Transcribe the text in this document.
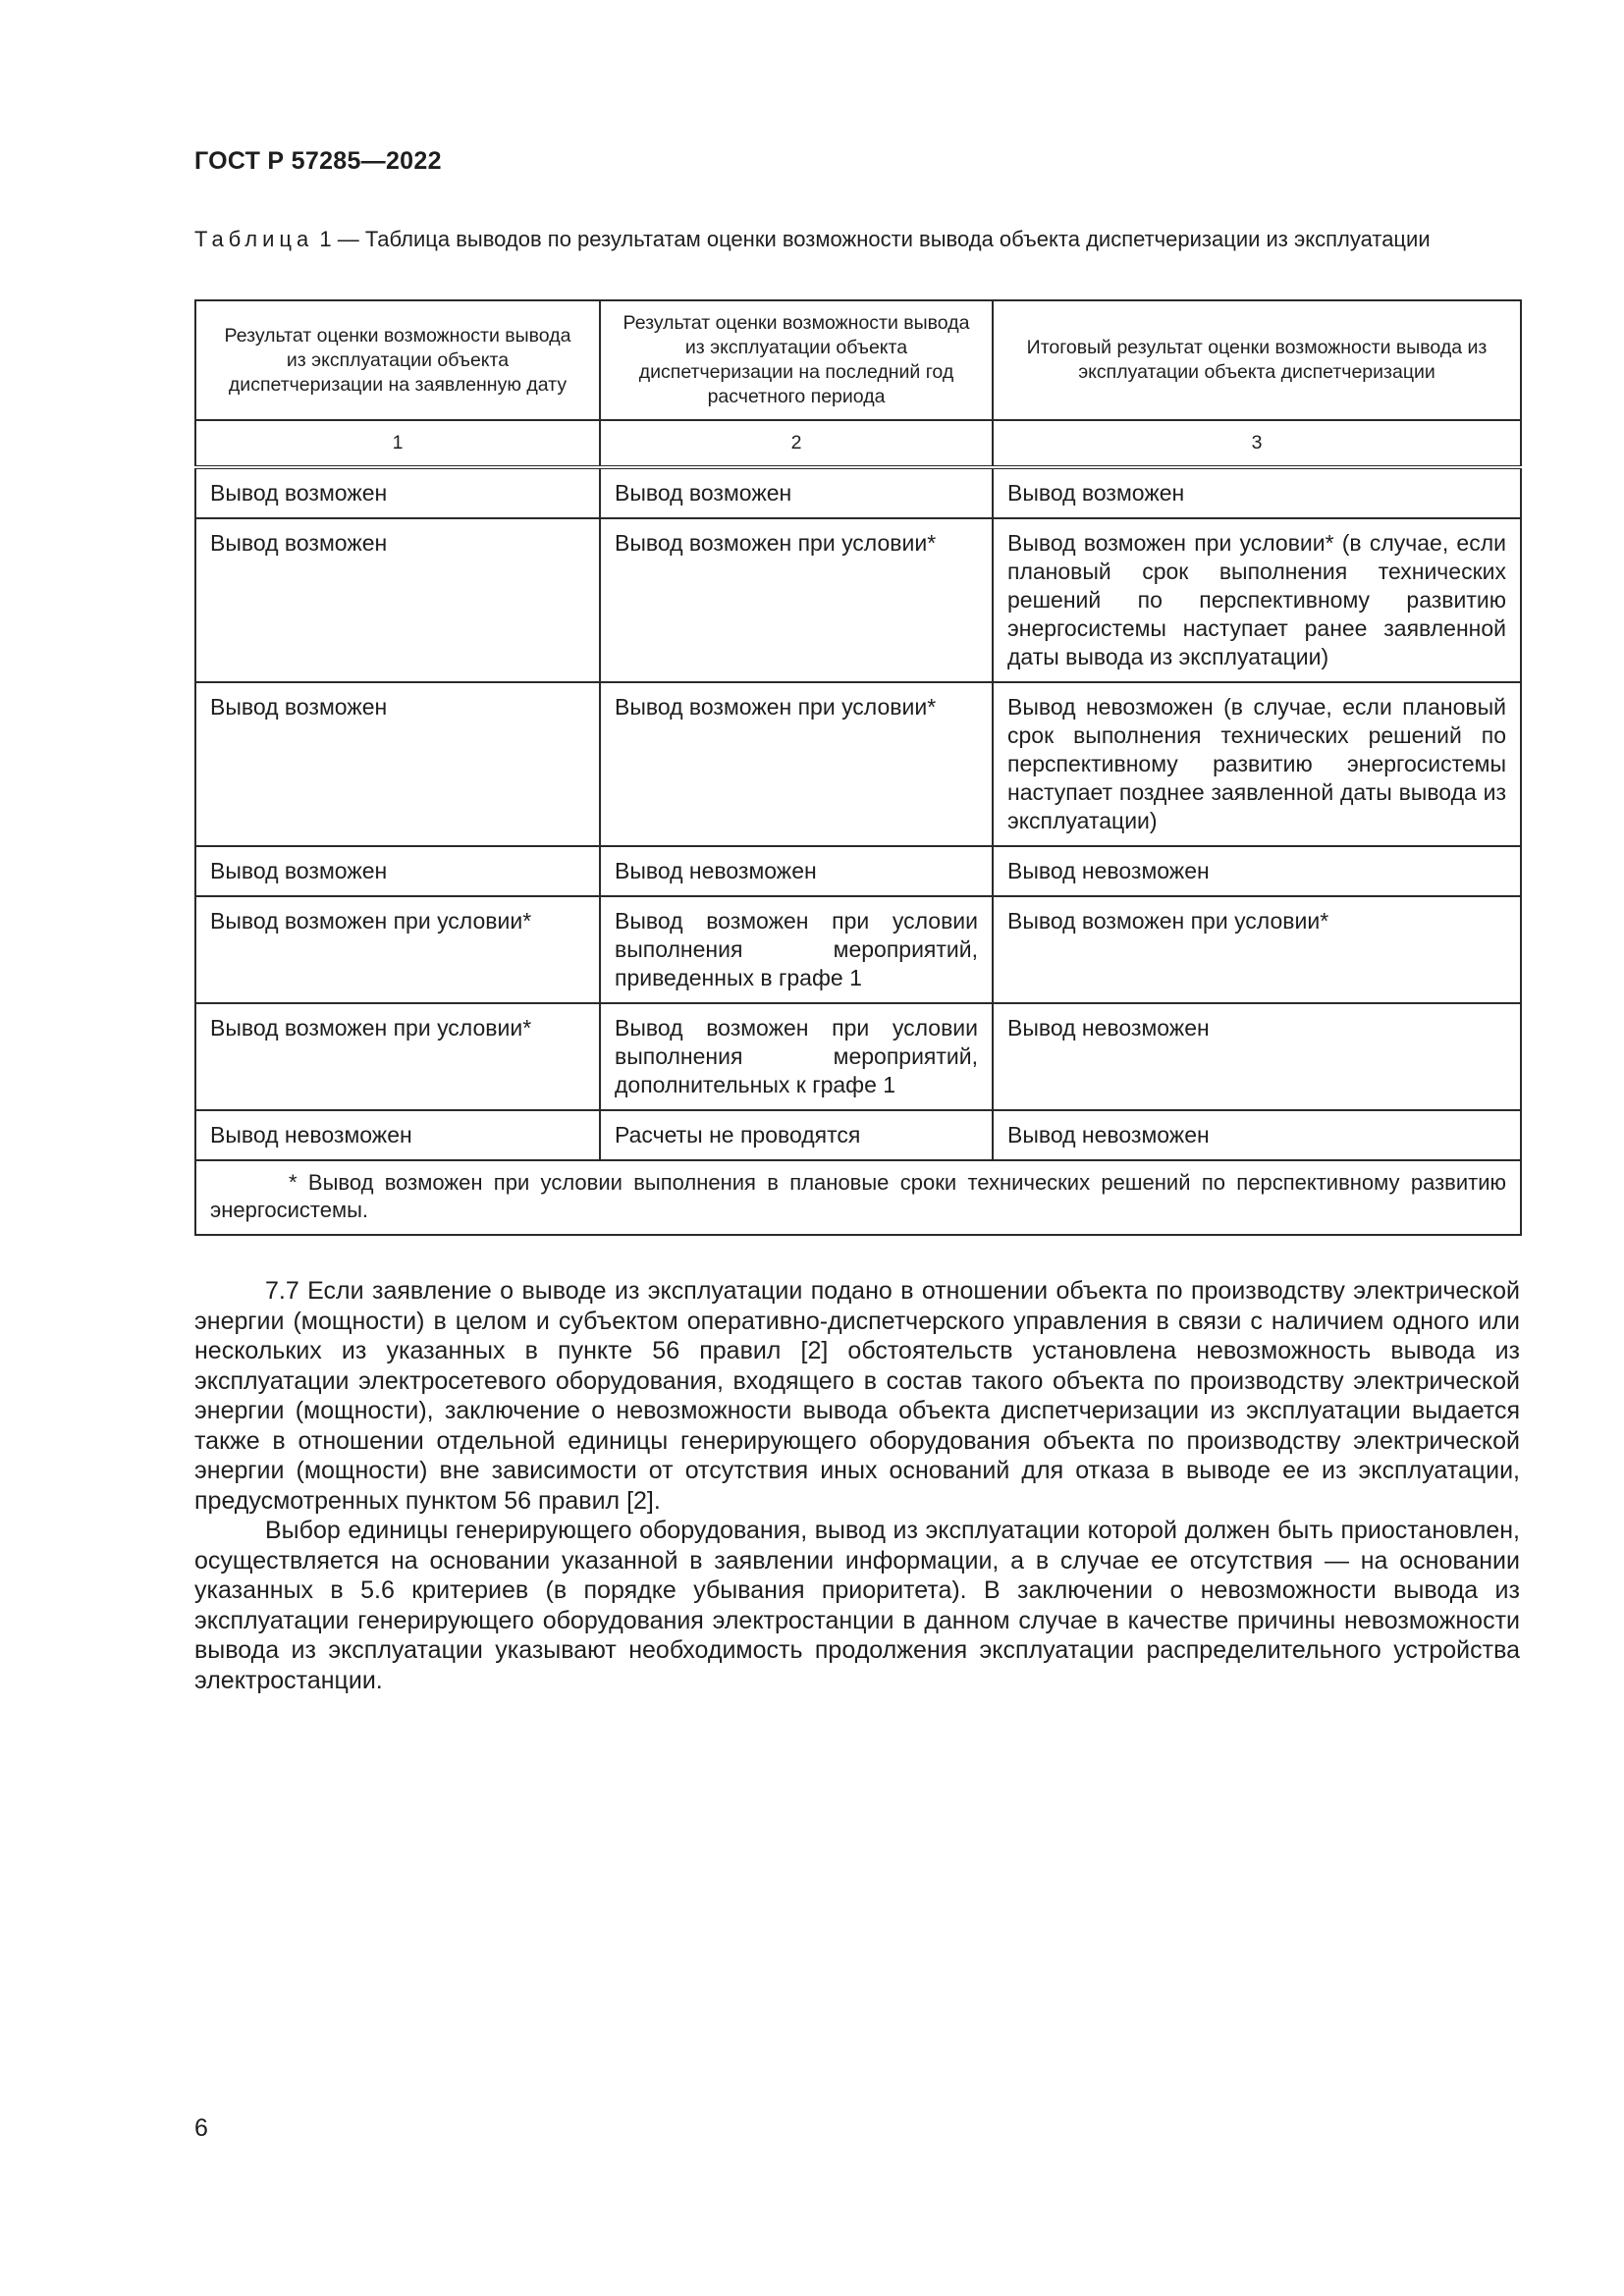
ГОСТ Р 57285—2022
Таблица 1 — Таблица выводов по результатам оценки возможности вывода объекта диспетчеризации из эксплуатации
Результат оценки возможности вывода из эксплуатации объекта диспетчеризации на заявленную дату	Результат оценки возможности вывода из эксплуатации объекта диспетчеризации на последний год расчетного периода	Итоговый результат оценки возможности вывода из эксплуатации объекта диспетчеризации
1	2	3
Вывод возможен	Вывод возможен	Вывод возможен
Вывод возможен	Вывод возможен при условии*	Вывод возможен при условии* (в случае, если плановый срок выполнения технических решений по перспективному развитию энергосистемы наступает ранее заявленной даты вывода из эксплуатации)
Вывод возможен	Вывод возможен при условии*	Вывод невозможен (в случае, если плановый срок выполнения технических решений по перспективному развитию энергосистемы наступает позднее заявленной даты вывода из эксплуатации)
Вывод возможен	Вывод невозможен	Вывод невозможен
Вывод возможен при условии*	Вывод возможен при условии выполнения мероприятий, приведенных в графе 1	Вывод возможен при условии*
Вывод возможен при условии*	Вывод возможен при условии выполнения мероприятий, дополнительных к графе 1	Вывод невозможен
Вывод невозможен	Расчеты не проводятся	Вывод невозможен
* Вывод возможен при условии выполнения в плановые сроки технических решений по перспективному развитию энергосистемы.		

7.7 Если заявление о выводе из эксплуатации подано в отношении объекта по производству электрической энергии (мощности) в целом и субъектом оперативно-диспетчерского управления в связи с наличием одного или нескольких из указанных в пункте 56 правил [2] обстоятельств установлена невозможность вывода из эксплуатации электросетевого оборудования, входящего в состав такого объекта по производству электрической энергии (мощности), заключение о невозможности вывода объекта диспетчеризации из эксплуатации выдается также в отношении отдельной единицы генерирующего оборудования объекта по производству электрической энергии (мощности) вне зависимости от отсутствия иных оснований для отказа в выводе ее из эксплуатации, предусмотренных пунктом 56 правил [2].

Выбор единицы генерирующего оборудования, вывод из эксплуатации которой должен быть приостановлен, осуществляется на основании указанной в заявлении информации, а в случае ее отсутствия — на основании указанных в 5.6 критериев (в порядке убывания приоритета). В заключении о невозможности вывода из эксплуатации генерирующего оборудования электростанции в данном случае в качестве причины невозможности вывода из эксплуатации указывают необходимость продолжения эксплуатации распределительного устройства электростанции.

6
